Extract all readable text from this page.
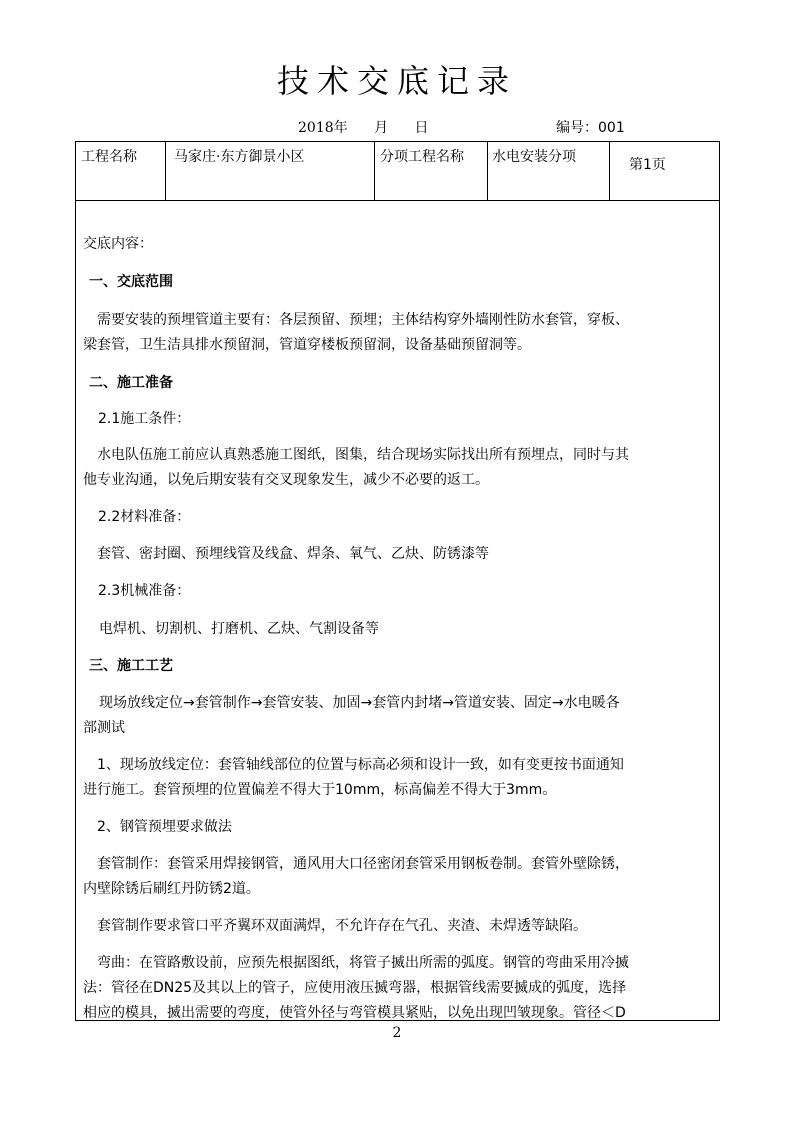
技术交底记录
2018年 月 日	编号：001
工程名称	马家庄·东方御景小区	分项工程名称 水电安装分项	第1页
交底内容：
一、交底范围
需要安装的预埋管道主要有：各层预留、预埋；主体结构穿外墙刚性防水套管，穿板、
梁套管，卫生洁具排水预留洞，管道穿楼板预留洞，设备基础预留洞等。
二、施工准备
2.1施工条件：
水电队伍施工前应认真熟悉施工图纸，图集，结合现场实际找出所有预埋点，同时与其
他专业沟通，以免后期安装有交叉现象发生，减少不必要的返工。
2.2材料准备：
套管、密封圈、预埋线管及线盒、焊条、氧气、乙炔、防锈漆等
2.3机械准备：
电焊机、切割机、打磨机、乙炔、气割设备等
三、施工工艺
现场放线定位→套管制作→套管安装、加固→套管内封堵→管道安装、固定→水电暖各
部测试
1、现场放线定位：套管轴线部位的位置与标高必须和设计一致，如有变更按书面通知
进行施工。套管预埋的位置偏差不得大于10mm，标高偏差不得大于3mm。
2、钢管预埋要求做法
套管制作：套管采用焊接钢管，通风用大口径密闭套管采用钢板卷制。套管外壁除锈，
内壁除锈后刷红丹防锈2道。
套管制作要求管口平齐翼环双面满焊，不允许存在气孔、夹渣、未焊透等缺陷。
弯曲：在管路敷设前，应预先根据图纸，将管子揻出所需的弧度。钢管的弯曲采用冷揻
法：管径在DN25及其以上的管子，应使用液压揻弯器，根据管线需要揻成的弧度，选择
相应的模具，揻出需要的弯度，使管外径与弯管模具紧贴，以免出现凹皱现象。管径＜D
2
